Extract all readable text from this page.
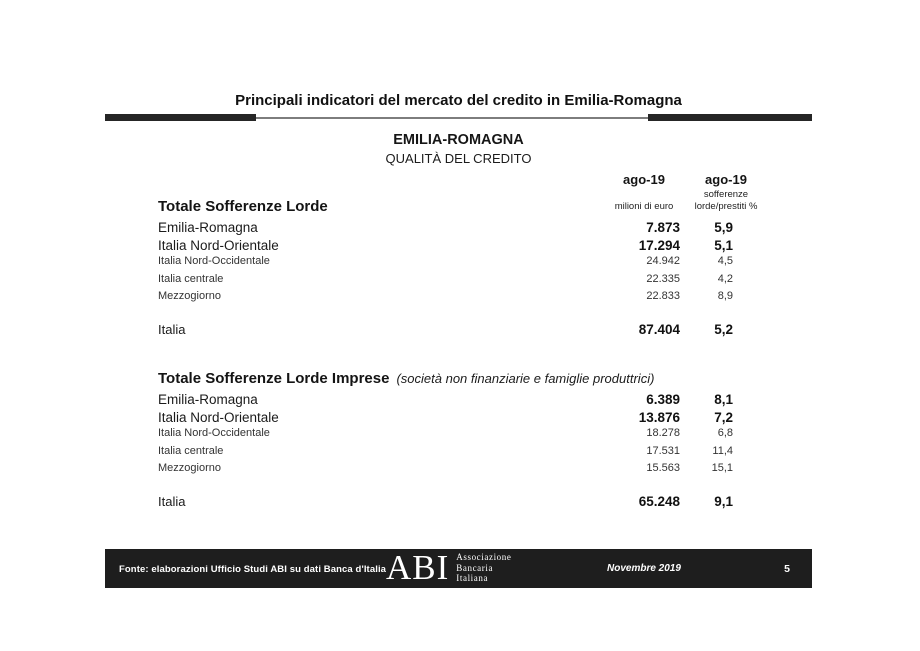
Principali indicatori del mercato del credito in Emilia-Romagna
EMILIA-ROMAGNA
QUALITÀ DEL CREDITO
ago-19	ago-19
sofferenze
milioni di euro	lorde/prestiti %
Totale Sofferenze Lorde
Emilia-Romagna	7.873	5,9
Italia Nord-Orientale	17.294	5,1
Italia Nord-Occidentale	24.942	4,5
Italia centrale	22.335	4,2
Mezzogiorno	22.833	8,9
Italia	87.404	5,2
Totale Sofferenze Lorde Imprese (società non finanziarie e famiglie produttrici)
Emilia-Romagna	6.389	8,1
Italia Nord-Orientale	13.876	7,2
Italia Nord-Occidentale	18.278	6,8
Italia centrale	17.531	11,4
Mezzogiorno	15.563	15,1
Italia	65.248	9,1
Fonte: elaborazioni Ufficio Studi ABI su dati Banca d'Italia ABI Associazione
Bancaria
Italiana
Novembre 2019	5
